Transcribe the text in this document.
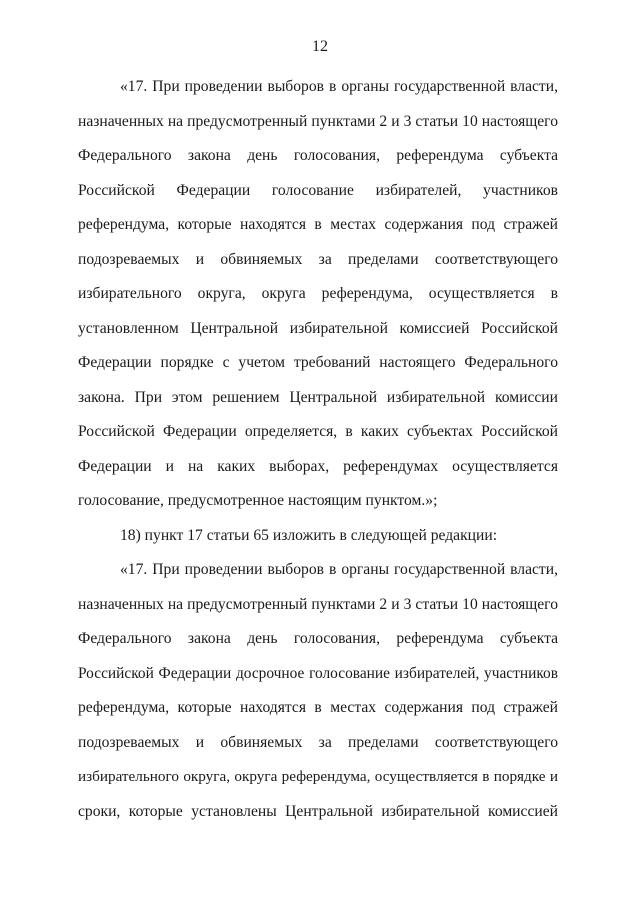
12
«17. При проведении выборов в органы государственной власти,
назначенных на предусмотренный пунктами 2 и 3 статьи 10 настоящего
Федерального закона день голосования, референдума субъекта
Российской Федерации голосование избирателей, участников
референдума, которые находятся в местах содержания под стражей
подозреваемых и обвиняемых за пределами соответствующего
избирательного округа, округа референдума, осуществляется в
установленном Центральной избирательной комиссией Российской
Федерации порядке с учетом требований настоящего Федерального
закона. При этом решением Центральной избирательной комиссии
Российской Федерации определяется, в каких субъектах Российской
Федерации и на каких выборах, референдумах осуществляется
голосование, предусмотренное настоящим пунктом.»;
18) пункт 17 статьи 65 изложить в следующей редакции:
«17. При проведении выборов в органы государственной власти,
назначенных на предусмотренный пунктами 2 и 3 статьи 10 настоящего
Федерального закона день голосования, референдума субъекта
Российской Федерации досрочное голосование избирателей, участников
референдума, которые находятся в местах содержания под стражей
подозреваемых и обвиняемых за пределами соответствующего
избирательного округа, округа референдума, осуществляется в порядке и
сроки, которые установлены Центральной избирательной комиссией
